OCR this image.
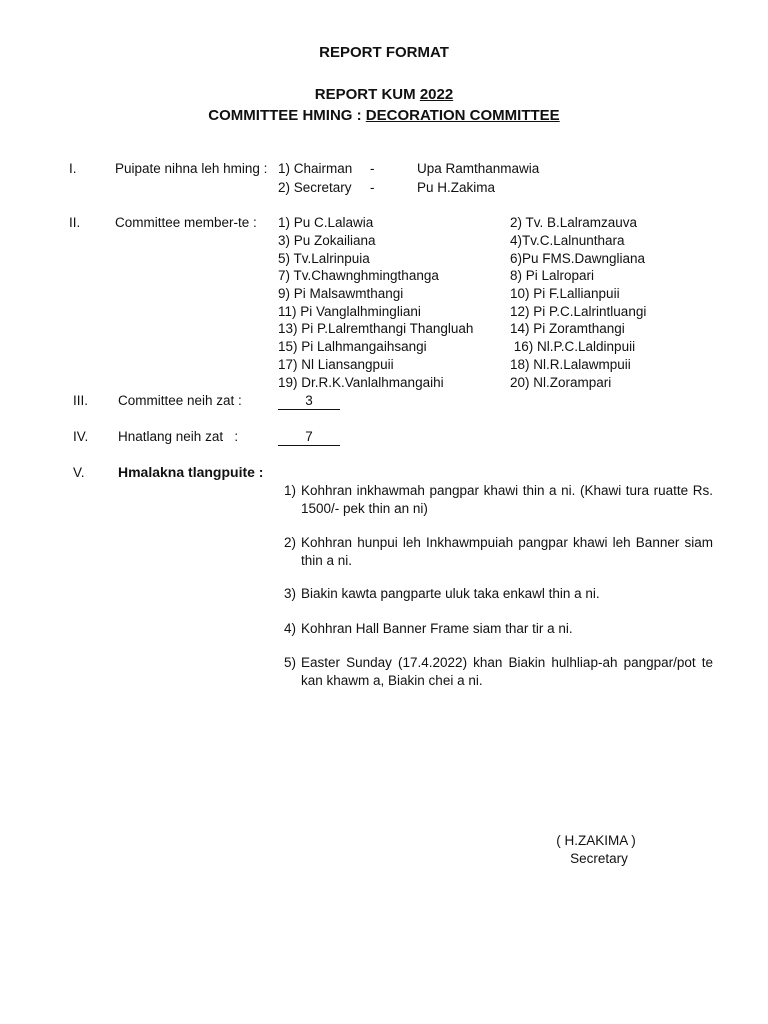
REPORT FORMAT
REPORT KUM 2022
COMMITTEE HMING : DECORATION COMMITTEE
I.	Puipate nihna leh hming : 1) Chairman -	Upa Ramthanmawia
2) Secretary -	Pu H.Zakima
II.	Committee member-te : 1) Pu C.Lalawia	2) Tv. B.Lalramzauva
3) Pu Zokailiana	4)Tv.C.Lalnunthara
5) Tv.Lalrinpuia	6)Pu FMS.Dawngliana
7) Tv.Chawnghmingthanga	8) Pi Lalropari
9) Pi Malsawmthangi	10) Pi F.Lallianpuii
11) Pi Vanglalhmingliani	12) Pi P.C.Lalrintluangi
13) Pi P.Lalremthangi Thangluah	14) Pi Zoramthangi
15) Pi Lalhmangaihsangi	16) Nl.P.C.Laldinpuii
17) Nl Liansangpuii	18) Nl.R.Lalawmpuii
19) Dr.R.K.Vanlalhmangaihi	20) Nl.Zorampari
III. Committee neih zat :	3
IV. Hnatlang neih zat   :	7
V. Hmalakna tlangpuite :
1) Kohhran inkhawmah pangpar khawi thin a ni. (Khawi tura ruatte Rs. 1500/- pek thin an ni)
2) Kohhran hunpui leh Inkhawmpuiah pangpar khawi leh Banner siam thin a ni.
3) Biakin kawta pangparte uluk taka enkawl thin a ni.
4) Kohhran Hall Banner Frame siam thar tir a ni.
5) Easter Sunday (17.4.2022) khan Biakin hulhliap-ah pangpar/pot te kan khawm a, Biakin chei a ni.
( H.ZAKIMA )
Secretary
